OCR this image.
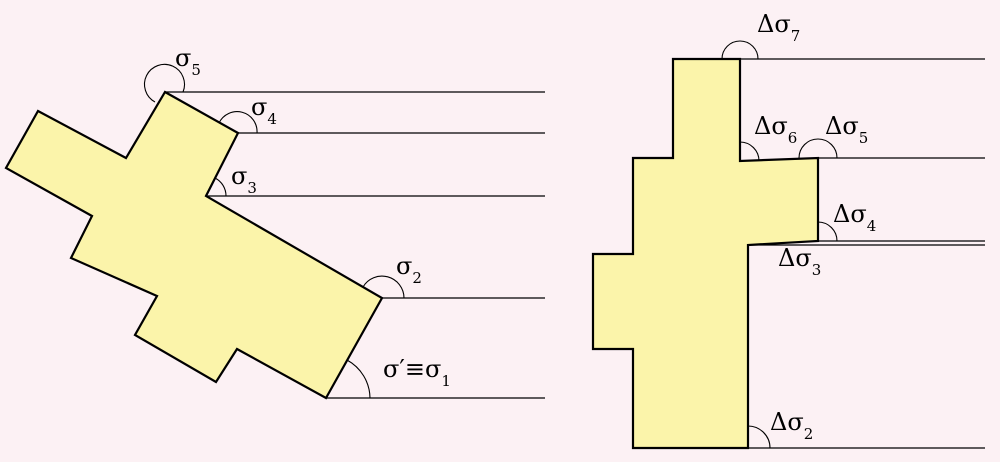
σ5
σ4
σ3
σ2
σ′≡σ1
Δσ7
Δσ6 Δσ5
Δσ4
Δσ3
Δσ2
